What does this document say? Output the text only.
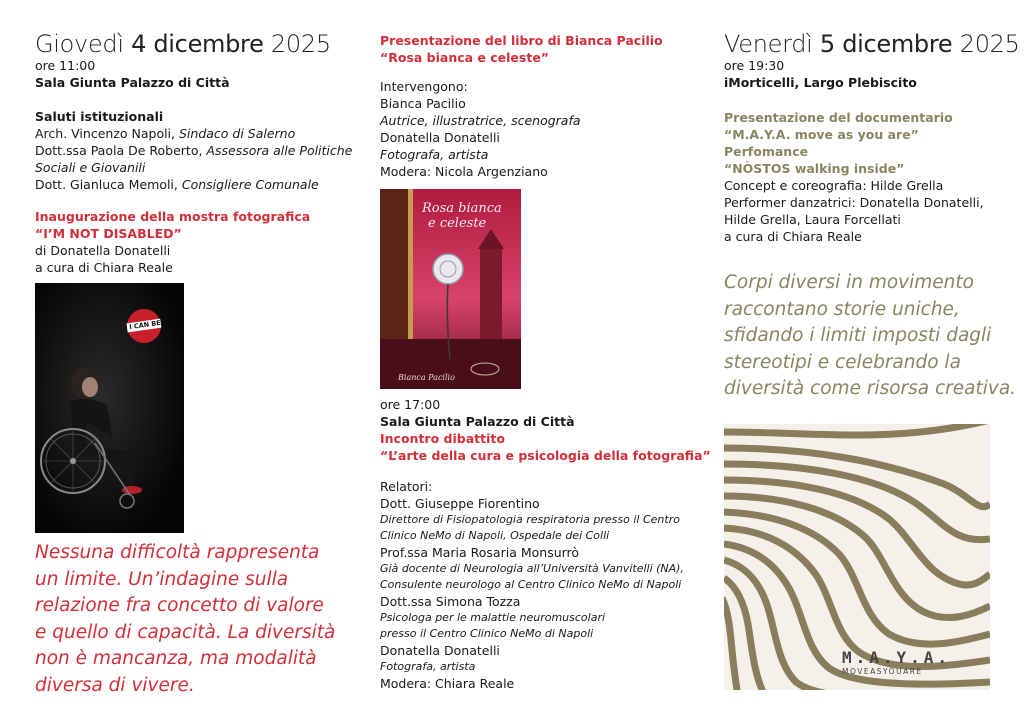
Giovedì 4 dicembre 2025
ore 11:00
Sala Giunta Palazzo di Città
Saluti istituzionali
Arch. Vincenzo Napoli, Sindaco di Salerno
Dott.ssa Paola De Roberto, Assessora alle Politiche
Sociali e Giovanili
Dott. Gianluca Memoli, Consigliere Comunale
Inaugurazione della mostra fotografica
“I’M NOT DISABLED”
di Donatella Donatelli
a cura di Chiara Reale
I CAN BE
Nessuna difficoltà rappresenta
un limite. Un’indagine sulla
relazione fra concetto di valore
e quello di capacità. La diversità
non è mancanza, ma modalità
diversa di vivere.
Presentazione del libro di Bianca Pacilio
“Rosa bianca e celeste”
Intervengono:
Bianca Pacilio
Autrice, illustratrice, scenografa
Donatella Donatelli
Fotografa, artista
Modera: Nicola Argenziano
Rosa bianca
e celeste
Bianca Pacilio
ore 17:00
Sala Giunta Palazzo di Città
Incontro dibattito
“L’arte della cura e psicologia della fotografia”
Relatori:
Dott. Giuseppe Fiorentino
Direttore di Fisiopatologia respiratoria presso il Centro
Clinico NeMo di Napoli, Ospedale dei Colli
Prof.ssa Maria Rosaria Monsurrò
Già docente di Neurologia all’Università Vanvitelli (NA),
Consulente neurologo al Centro Clinico NeMo di Napoli
Dott.ssa Simona Tozza
Psicologa per le malattie neuromuscolari
presso il Centro Clinico NeMo di Napoli
Donatella Donatelli
Fotografa, artista
Modera: Chiara Reale
Venerdì 5 dicembre 2025
ore 19:30
iMorticelli, Largo Plebiscito
Presentazione del documentario
“M.A.Y.A. move as you are”
Perfomance
“NÒSTOS walking inside”
Concept e coreografia: Hilde Grella
Performer danzatrici: Donatella Donatelli,
Hilde Grella, Laura Forcellati
a cura di Chiara Reale
Corpi diversi in movimento
raccontano storie uniche,
sfidando i limiti imposti dagli
stereotipi e celebrando la
diversità come risorsa creativa.
M.A.Y.A.
MOVEASYOUARE
